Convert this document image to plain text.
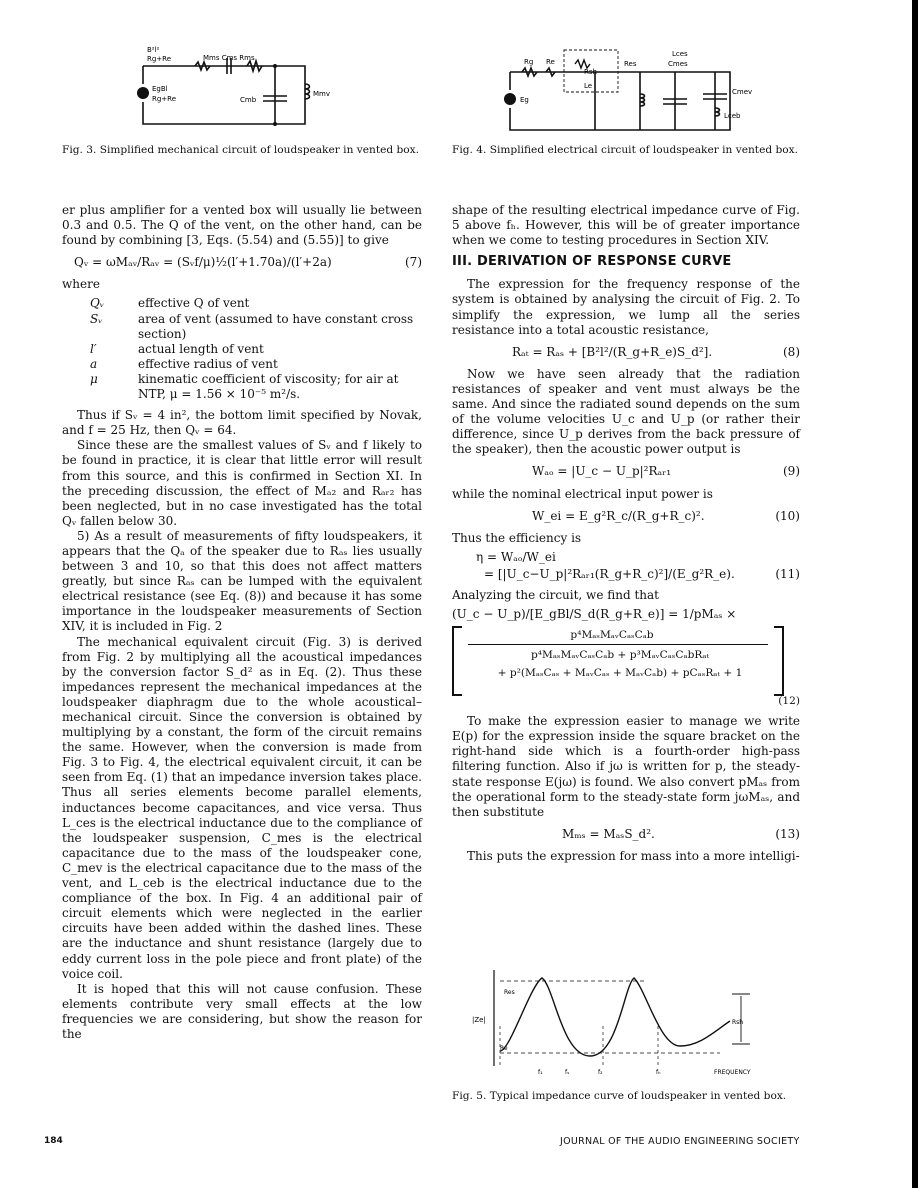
B²l²
Rg+Re	Mms Cms Rms
EgBl
Rg+Re	Cmb
Mmv
Fig. 3. Simplified mechanical circuit of loudspeaker in vented box.
Rg Re
Rsh
Le
Res
Lces
Cmes
Cmev
Lceb
Eg
Fig. 4. Simplified electrical circuit of loudspeaker in vented box.

er plus amplifier for a vented box will usually lie between 0.3 and 0.5. The Q of the vent, on the other hand, can be found by combining [3, Eqs. (5.54) and (5.55)] to give

Qᵥ = ωMₐᵥ/Rₐᵥ = (Sᵥf/μ)½(l′+1.70a)/(l′+2a)	(7)

where

Qᵥ	effective Q of vent
Sᵥ	area of vent (assumed to have constant cross section)
l′	actual length of vent
a	effective radius of vent
μ	kinematic coefficient of viscosity; for air at NTP, μ = 1.56 × 10⁻⁵ m²/s.

Thus if Sᵥ = 4 in², the bottom limit specified by Novak, and f = 25 Hz, then Qᵥ = 64.

Since these are the smallest values of Sᵥ and f likely to be found in practice, it is clear that little error will result from this source, and this is confirmed in Section XI. In the preceding discussion, the effect of Mₐ₂ and Rₐᵣ₂ has been neglected, but in no case investigated has the total Qᵥ fallen below 30.

5) As a result of measurements of fifty loudspeakers, it appears that the Qₐ of the speaker due to Rₐₛ lies usually between 3 and 10, so that this does not affect matters greatly, but since Rₐₛ can be lumped with the equivalent electrical resistance (see Eq. (8)) and because it has some importance in the loudspeaker measurements of Section XIV, it is included in Fig. 2

The mechanical equivalent circuit (Fig. 3) is derived from Fig. 2 by multiplying all the acoustical impedances by the conversion factor S_d² as in Eq. (2). Thus these impedances represent the mechanical impedances at the loudspeaker diaphragm due to the whole acoustical–mechanical circuit. Since the conversion is obtained by multiplying by a constant, the form of the circuit remains the same. However, when the conversion is made from Fig. 3 to Fig. 4, the electrical equivalent circuit, it can be seen from Eq. (1) that an impedance inversion takes place. Thus all series elements become parallel elements, inductances become capacitances, and vice versa. Thus L_ces is the electrical inductance due to the compliance of the loudspeaker suspension, C_mes is the electrical capacitance due to the mass of the loudspeaker cone, C_mev is the electrical capacitance due to the mass of the vent, and L_ceb is the electrical inductance due to the compliance of the box. In Fig. 4 an additional pair of circuit elements which were neglected in the earlier circuits have been added within the dashed lines. These are the inductance and shunt resistance (largely due to eddy current loss in the pole piece and front plate) of the voice coil.

It is hoped that this will not cause confusion. These elements contribute very small effects at the low frequencies we are considering, but show the reason for the

shape of the resulting electrical impedance curve of Fig. 5 above fₕ. However, this will be of greater importance when we come to testing procedures in Section XIV.

III. DERIVATION OF RESPONSE CURVE

The expression for the frequency response of the system is obtained by analysing the circuit of Fig. 2. To simplify the expression, we lump all the series resistance into a total acoustic resistance,

Rₐₜ = Rₐₛ + [B²l²/(R_g+R_e)S_d²].	(8)

Now we have seen already that the radiation resistances of speaker and vent must always be the same. And since the radiated sound depends on the sum of the volume velocities U_c and U_p (or rather their difference, since U_p derives from the back pressure of the speaker), then the acoustic power output is

Wₐₒ = |U_c − U_p|²Rₐᵣ₁	(9)

while the nominal electrical input power is

W_ei = E_g²R_c/(R_g+R_c)².	(10)

Thus the efficiency is

η = Wₐₒ/W_ei
= [|U_c−U_p|²Rₐᵣ₁(R_g+R_c)²]/(E_g²R_e).	(11)

Analyzing the circuit, we find that

(U_c − U_p)/[E_gBl/S_d(R_g+R_e)] = 1/pMₐₛ ×

p⁴MₐₛMₐᵥCₐₛCₐb
p⁴MₐₛMₐᵥCₐₛCₐb + p³MₐᵥCₐₛCₐbRₐₜ
+ p²(MₐₛCₐₛ + MₐᵥCₐₛ + MₐᵥCₐb) + pCₐₛRₐₜ + 1
(12)

To make the expression easier to manage we write E(p) for the expression inside the square bracket on the right-hand side which is a fourth-order high-pass filtering function. Also if jω is written for p, the steady-state response E(jω) is found. We also convert pMₐₛ from the operational form to the steady-state form jωMₐₛ, and then substitute

Mₘₛ = MₐₛS_d².	(13)

This puts the expression for mass into a more intelligi-

|Ze|
Res
Rsh
Re
f₁	fₛ	f₂	fₕ	FREQUENCY
Fig. 5. Typical impedance curve of loudspeaker in vented box.
184	JOURNAL OF THE AUDIO ENGINEERING SOCIETY
